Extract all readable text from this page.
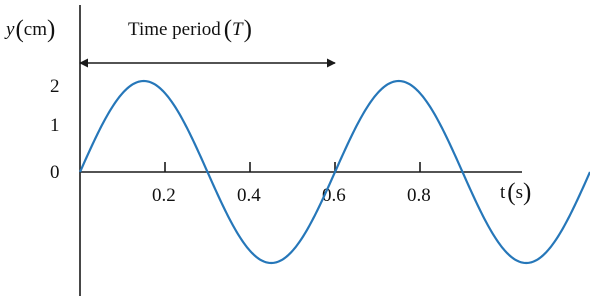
y(cm)
2
1
0
t(s)
Time period (T)
0.2	0.4	0.6	0.8
